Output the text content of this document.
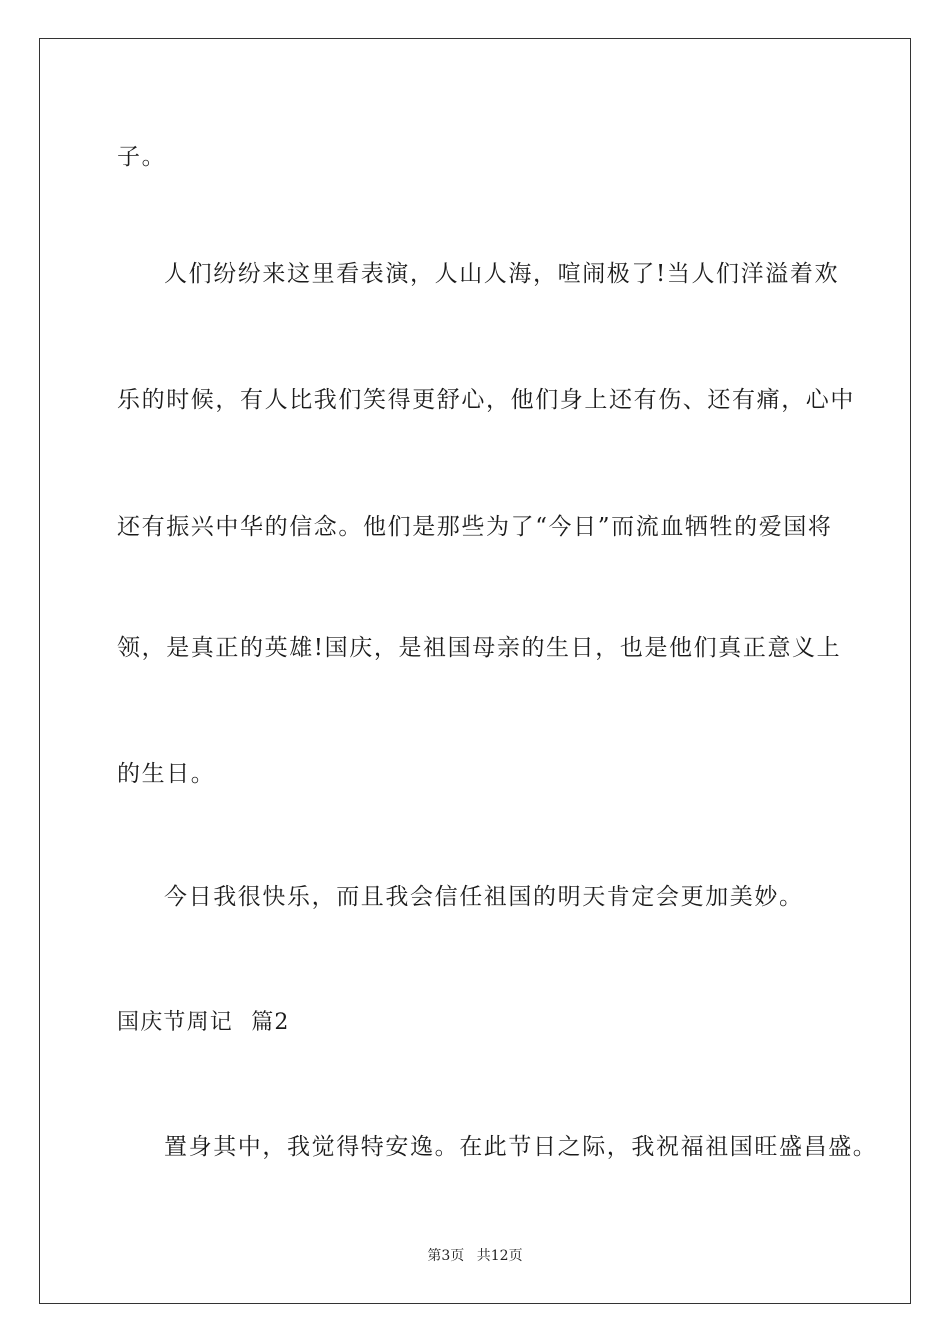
子。

人们纷纷来这里看表演，人山人海，喧闹极了!当人们洋溢着欢

乐的时候，有人比我们笑得更舒心，他们身上还有伤、还有痛，心中

还有振兴中华的信念。他们是那些为了“今日”而流血牺牲的爱国将

领，是真正的英雄!国庆，是祖国母亲的生日，也是他们真正意义上

的生日。

今日我很快乐，而且我会信任祖国的明天肯定会更加美妙。

国庆节周记 篇2

置身其中，我觉得特安逸。在此节日之际，我祝福祖国旺盛昌盛。

第3页 共12页
